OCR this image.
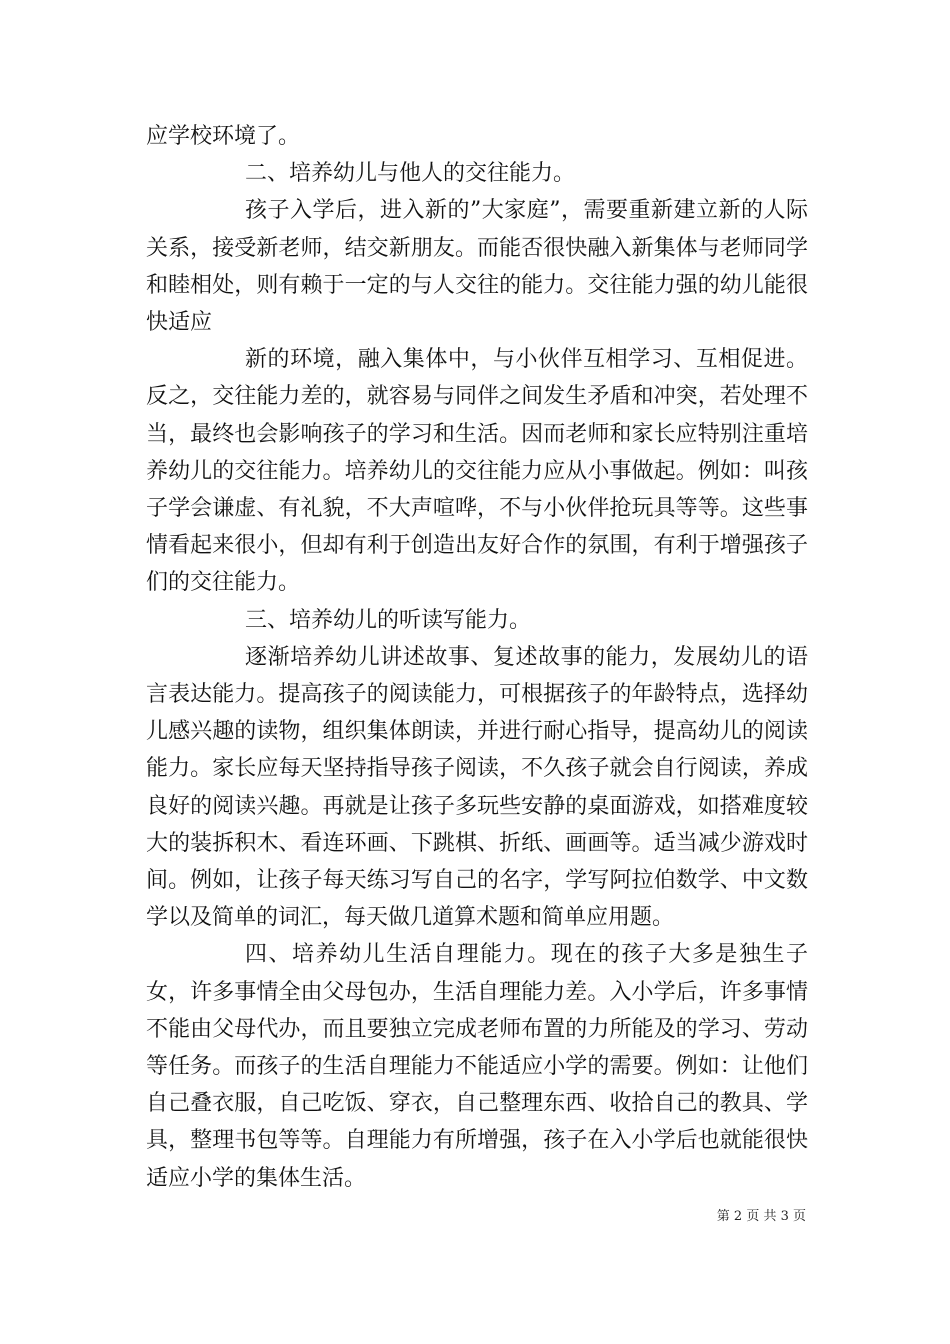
应学校环境了。

二、培养幼儿与他人的交往能力。

孩子入学后，进入新的”大家庭”，需要重新建立新的人际关系，接受新老师，结交新朋友。而能否很快融入新集体与老师同学和睦相处，则有赖于一定的与人交往的能力。交往能力强的幼儿能很快适应

新的环境，融入集体中，与小伙伴互相学习、互相促进。反之，交往能力差的，就容易与同伴之间发生矛盾和冲突，若处理不当，最终也会影响孩子的学习和生活。因而老师和家长应特别注重培养幼儿的交往能力。培养幼儿的交往能力应从小事做起。例如：叫孩子学会谦虚、有礼貌，不大声喧哗，不与小伙伴抢玩具等等。这些事情看起来很小，但却有利于创造出友好合作的氛围，有利于增强孩子们的交往能力。

三、培养幼儿的听读写能力。

逐渐培养幼儿讲述故事、复述故事的能力，发展幼儿的语言表达能力。提高孩子的阅读能力，可根据孩子的年龄特点，选择幼儿感兴趣的读物，组织集体朗读，并进行耐心指导，提高幼儿的阅读能力。家长应每天坚持指导孩子阅读，不久孩子就会自行阅读，养成良好的阅读兴趣。再就是让孩子多玩些安静的桌面游戏，如搭难度较大的装拆积木、看连环画、下跳棋、折纸、画画等。适当减少游戏时间。例如，让孩子每天练习写自己的名字，学写阿拉伯数学、中文数学以及简单的词汇，每天做几道算术题和简单应用题。

四、培养幼儿生活自理能力。现在的孩子大多是独生子女，许多事情全由父母包办，生活自理能力差。入小学后，许多事情不能由父母代办，而且要独立完成老师布置的力所能及的学习、劳动等任务。而孩子的生活自理能力不能适应小学的需要。例如：让他们自己叠衣服，自己吃饭、穿衣，自己整理东西、收拾自己的教具、学具，整理书包等等。自理能力有所增强，孩子在入小学后也就能很快适应小学的集体生活。

第 2 页 共 3 页
